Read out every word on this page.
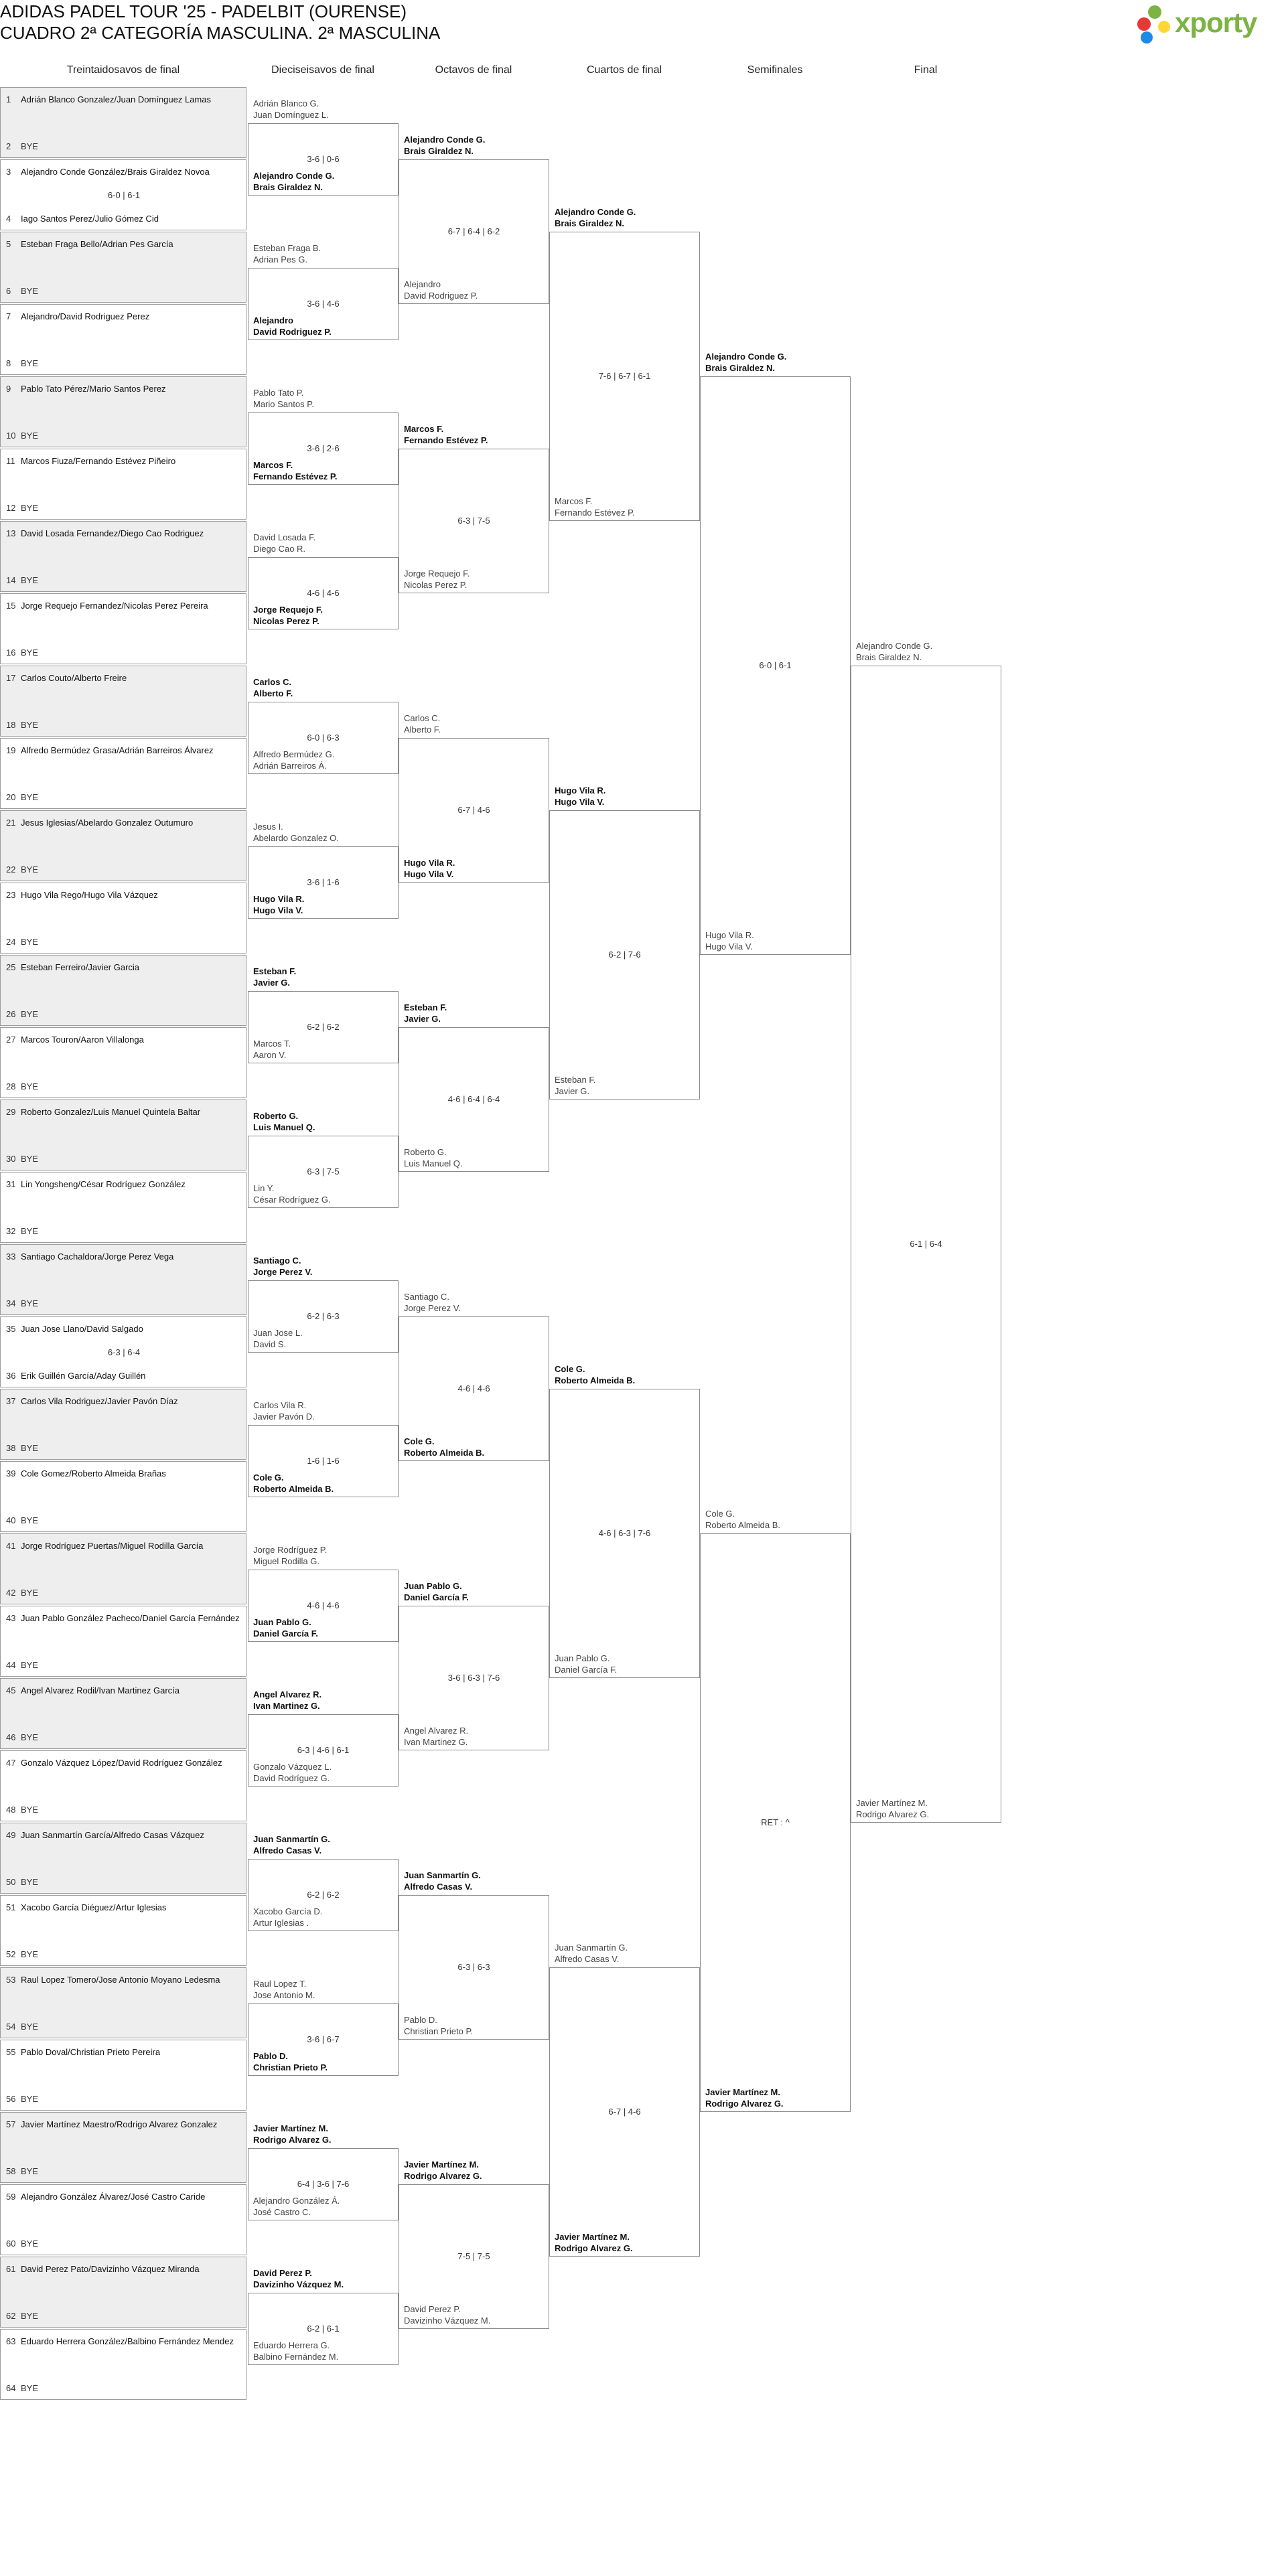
ADIDAS PADEL TOUR '25 - PADELBIT (OURENSE)
CUADRO 2ª CATEGORÍA MASCULINA. 2ª MASCULINA	xporty
Treintaidosavos de final	Dieciseisavos de final	Octavos de final	Cuartos de final	Semifinales	Final
1 Adrián Blanco Gonzalez/Juan Domínguez Lamas
2 BYE
3 Alejandro Conde González/Brais Giraldez Novoa
4 Iago Santos Perez/Julio Gómez Cid
6-0 | 6-1
5 Esteban Fraga Bello/Adrian Pes García
6 BYE
7 Alejandro/David Rodriguez Perez
8 BYE
9 Pablo Tato Pérez/Mario Santos Perez
10 BYE
11 Marcos Fiuza/Fernando Estévez Piñeiro
12 BYE
13 David Losada Fernandez/Diego Cao Rodriguez
14 BYE
15 Jorge Requejo Fernandez/Nicolas Perez Pereira
16 BYE
17 Carlos Couto/Alberto Freire
18 BYE
19 Alfredo Bermúdez Grasa/Adrián Barreiros Álvarez
20 BYE
21 Jesus Iglesias/Abelardo Gonzalez Outumuro
22 BYE
23 Hugo Vila Rego/Hugo Vila Vázquez
24 BYE
25 Esteban Ferreiro/Javier Garcia
26 BYE
27 Marcos Touron/Aaron Villalonga
28 BYE
29 Roberto Gonzalez/Luis Manuel Quintela Baltar
30 BYE
31 Lin Yongsheng/César Rodríguez González
32 BYE
33 Santiago Cachaldora/Jorge Perez Vega
34 BYE
35 Juan Jose Llano/David Salgado
36 Erik Guillén García/Aday Guillén
6-3 | 6-4
37 Carlos Vila Rodriguez/Javier Pavón Díaz
38 BYE
39 Cole Gomez/Roberto Almeida Brañas
40 BYE
41 Jorge Rodríguez Puertas/Miguel Rodilla García
42 BYE
43 Juan Pablo González Pacheco/Daniel García Fernández
44 BYE
45 Angel Alvarez Rodil/Ivan Martinez García
46 BYE
47 Gonzalo Vázquez López/David Rodríguez González
48 BYE
49 Juan Sanmartín García/Alfredo Casas Vázquez
50 BYE
51 Xacobo García Diéguez/Artur Iglesias
52 BYE
53 Raul Lopez Tomero/Jose Antonio Moyano Ledesma
54 BYE
55 Pablo Doval/Christian Prieto Pereira
56 BYE
57 Javier Martínez Maestro/Rodrigo Alvarez Gonzalez
58 BYE
59 Alejandro González Álvarez/José Castro Caride
60 BYE
61 David Perez Pato/Davizinho Vázquez Miranda
62 BYE
63 Eduardo Herrera González/Balbino Fernández Mendez
64 BYE
Adrián Blanco G.
Juan Domínguez L.
Alejandro Conde G.
Brais Giraldez N.
3-6 | 0-6
Esteban Fraga B.
Adrian Pes G.
Alejandro
David Rodriguez P.
3-6 | 4-6
Pablo Tato P.
Mario Santos P.
Marcos F.
Fernando Estévez P.
3-6 | 2-6
David Losada F.
Diego Cao R.
Jorge Requejo F.
Nicolas Perez P.
4-6 | 4-6
Carlos C.
Alberto F.
Alfredo Bermúdez G.
Adrián Barreiros Á.
6-0 | 6-3
Jesus I.
Abelardo Gonzalez O.
Hugo Vila R.
Hugo Vila V.
3-6 | 1-6
Esteban F.
Javier G.
Marcos T.
Aaron V.
6-2 | 6-2
Roberto G.
Luis Manuel Q.
Lin Y.
César Rodríguez G.
6-3 | 7-5
Santiago C.
Jorge Perez V.
Juan Jose L.
David S.
6-2 | 6-3
Carlos Vila R.
Javier Pavón D.
Cole G.
Roberto Almeida B.
1-6 | 1-6
Jorge Rodríguez P.
Miguel Rodilla G.
Juan Pablo G.
Daniel García F.
4-6 | 4-6
Angel Alvarez R.
Ivan Martinez G.
Gonzalo Vázquez L.
David Rodríguez G.
6-3 | 4-6 | 6-1
Juan Sanmartín G.
Alfredo Casas V.
Xacobo García D.
Artur Iglesias .
6-2 | 6-2
Raul Lopez T.
Jose Antonio M.
Pablo D.
Christian Prieto P.
3-6 | 6-7
Javier Martínez M.
Rodrigo Alvarez G.
Alejandro González Á.
José Castro C.
6-4 | 3-6 | 7-6
David Perez P.
Davizinho Vázquez M.
Eduardo Herrera G.
Balbino Fernández M.
6-2 | 6-1
Alejandro Conde G.
Brais Giraldez N.
Alejandro
David Rodriguez P.
6-7 | 6-4 | 6-2
Marcos F.
Fernando Estévez P.
Jorge Requejo F.
Nicolas Perez P.
6-3 | 7-5
Carlos C.
Alberto F.
Hugo Vila R.
Hugo Vila V.
6-7 | 4-6
Esteban F.
Javier G.
Roberto G.
Luis Manuel Q.
4-6 | 6-4 | 6-4
Santiago C.
Jorge Perez V.
Cole G.
Roberto Almeida B.
4-6 | 4-6
Juan Pablo G.
Daniel García F.
Angel Alvarez R.
Ivan Martinez G.
3-6 | 6-3 | 7-6
Juan Sanmartín G.
Alfredo Casas V.
Pablo D.
Christian Prieto P.
6-3 | 6-3
Javier Martínez M.
Rodrigo Alvarez G.
David Perez P.
Davizinho Vázquez M.
7-5 | 7-5
Alejandro Conde G.
Brais Giraldez N.
Marcos F.
Fernando Estévez P.
7-6 | 6-7 | 6-1
Hugo Vila R.
Hugo Vila V.
Esteban F.
Javier G.
6-2 | 7-6
Cole G.
Roberto Almeida B.
Juan Pablo G.
Daniel García F.
4-6 | 6-3 | 7-6
Juan Sanmartín G.
Alfredo Casas V.
Javier Martínez M.
Rodrigo Alvarez G.
6-7 | 4-6
Alejandro Conde G.
Brais Giraldez N.
Hugo Vila R.
Hugo Vila V.
6-0 | 6-1
Cole G.
Roberto Almeida B.
Javier Martínez M.
Rodrigo Alvarez G.
RET : ^
Alejandro Conde G.
Brais Giraldez N.
Javier Martínez M.
Rodrigo Alvarez G.
6-1 | 6-4
